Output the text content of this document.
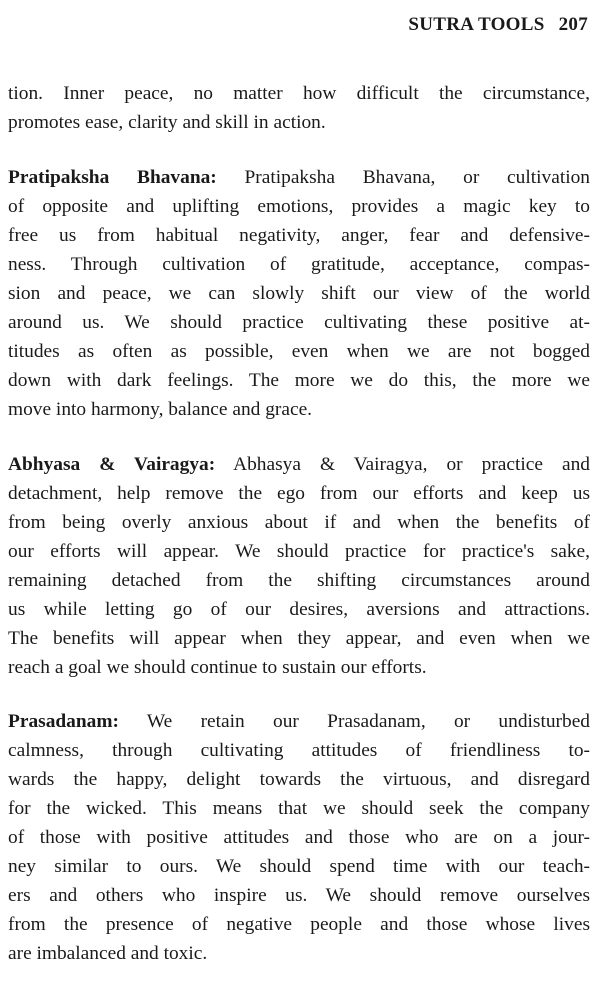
SUTRA TOOLS 207
tion. Inner peace, no matter how difficult the circumstance,
promotes ease, clarity and skill in action.
Pratipaksha Bhavana: Pratipaksha Bhavana, or cultivation
of opposite and uplifting emotions, provides a magic key to
free us from habitual negativity, anger, fear and defensive-
ness. Through cultivation of gratitude, acceptance, compas-
sion and peace, we can slowly shift our view of the world
around us. We should practice cultivating these positive at-
titudes as often as possible, even when we are not bogged
down with dark feelings. The more we do this, the more we
move into harmony, balance and grace.
Abhyasa & Vairagya: Abhasya & Vairagya, or practice and
detachment, help remove the ego from our efforts and keep us
from being overly anxious about if and when the benefits of
our efforts will appear. We should practice for practice's sake,
remaining detached from the shifting circumstances around
us while letting go of our desires, aversions and attractions.
The benefits will appear when they appear, and even when we
reach a goal we should continue to sustain our efforts.
Prasadanam: We retain our Prasadanam, or undisturbed
calmness, through cultivating attitudes of friendliness to-
wards the happy, delight towards the virtuous, and disregard
for the wicked. This means that we should seek the company
of those with positive attitudes and those who are on a jour-
ney similar to ours. We should spend time with our teach-
ers and others who inspire us. We should remove ourselves
from the presence of negative people and those whose lives
are imbalanced and toxic.
